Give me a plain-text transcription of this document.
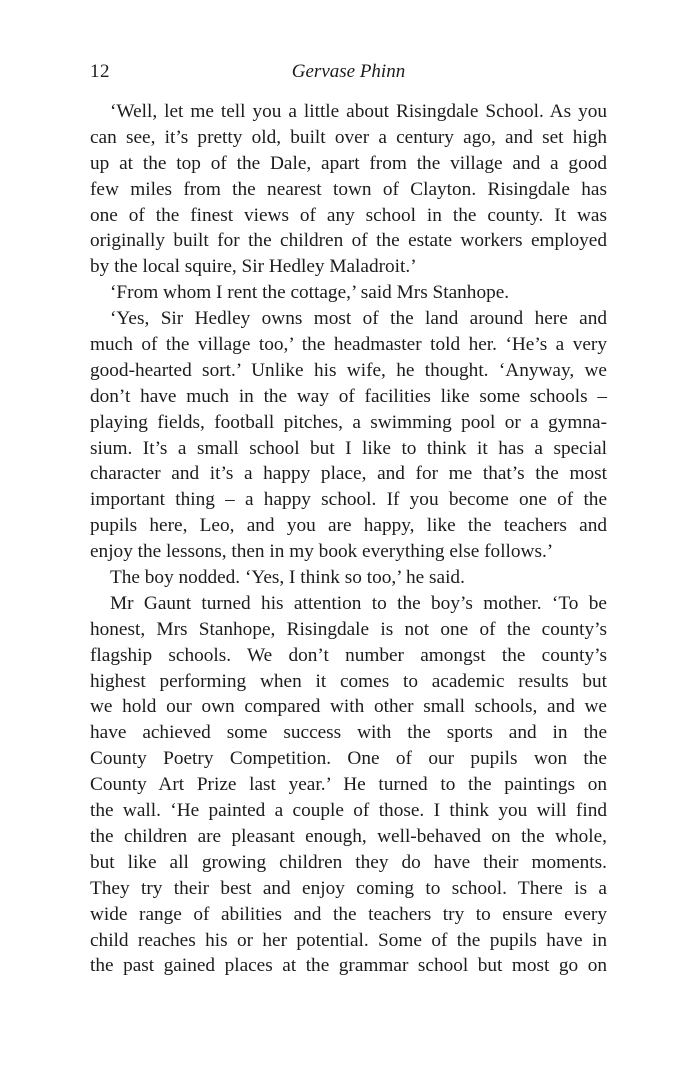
12	Gervase Phinn
‘Well, let me tell you a little about Risingdale School. As you
can see, it’s pretty old, built over a century ago, and set high
up at the top of the Dale, apart from the village and a good
few miles from the nearest town of Clayton. Risingdale has
one of the finest views of any school in the county. It was
originally built for the children of the estate workers employed
by the local squire, Sir Hedley Maladroit.’
‘From whom I rent the cottage,’ said Mrs Stanhope.
‘Yes, Sir Hedley owns most of the land around here and
much of the village too,’ the headmaster told her. ‘He’s a very
good-hearted sort.’ Unlike his wife, he thought. ‘Anyway, we
don’t have much in the way of facilities like some schools –
playing fields, football pitches, a swimming pool or a gymna-
sium. It’s a small school but I like to think it has a special
character and it’s a happy place, and for me that’s the most
important thing – a happy school. If you become one of the
pupils here, Leo, and you are happy, like the teachers and
enjoy the lessons, then in my book everything else follows.’
The boy nodded. ‘Yes, I think so too,’ he said.
Mr Gaunt turned his attention to the boy’s mother. ‘To be
honest, Mrs Stanhope, Risingdale is not one of the county’s
flagship schools. We don’t number amongst the county’s
highest performing when it comes to academic results but
we hold our own compared with other small schools, and we
have achieved some success with the sports and in the
County Poetry Competition. One of our pupils won the
County Art Prize last year.’ He turned to the paintings on
the wall. ‘He painted a couple of those. I think you will find
the children are pleasant enough, well-behaved on the whole,
but like all growing children they do have their moments.
They try their best and enjoy coming to school. There is a
wide range of abilities and the teachers try to ensure every
child reaches his or her potential. Some of the pupils have in
the past gained places at the grammar school but most go on
